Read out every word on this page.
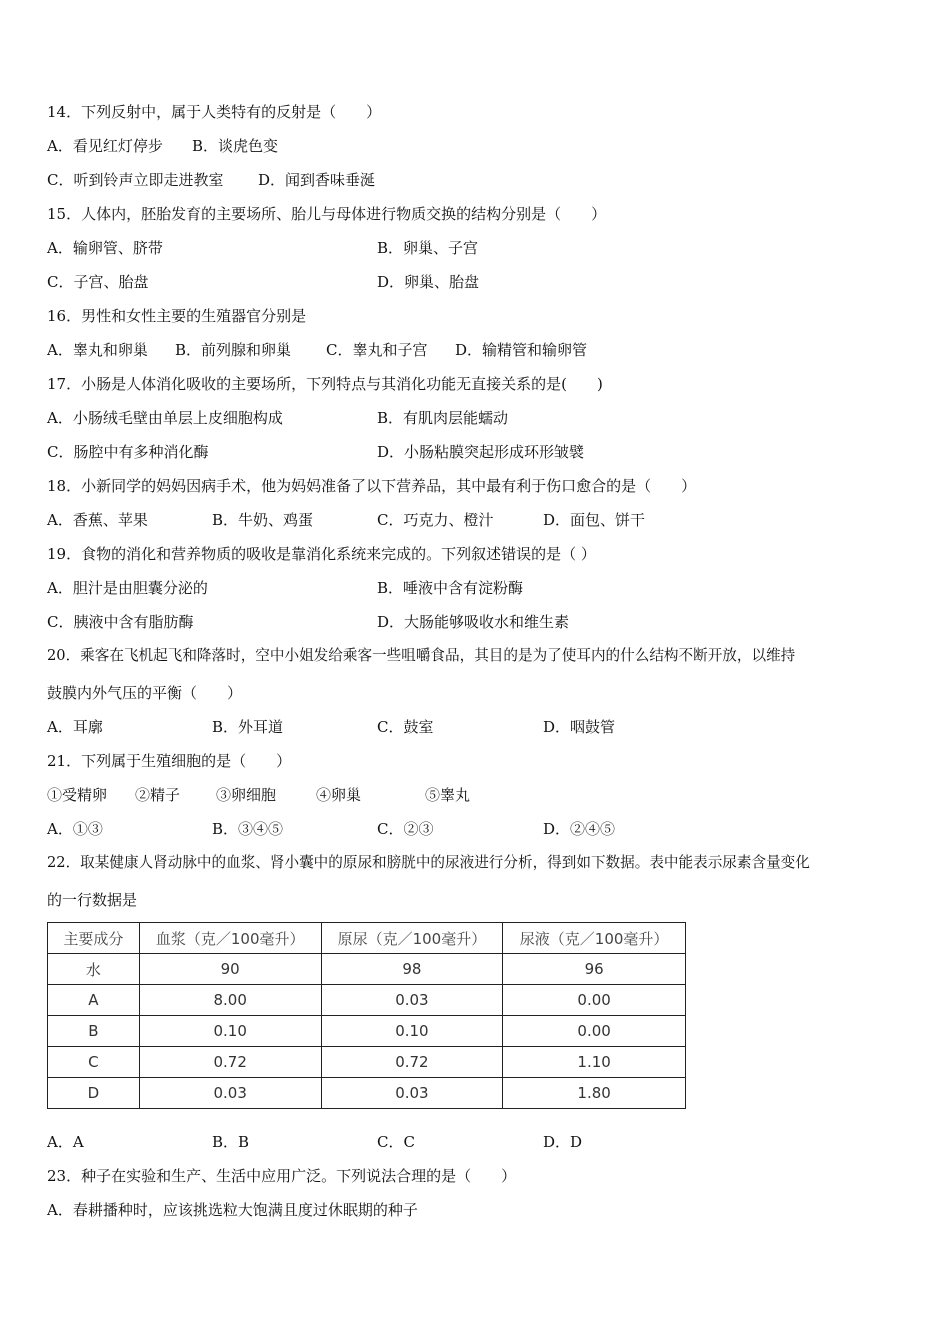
14．下列反射中，属于人类特有的反射是（　　）
A．看见红灯停步 B．谈虎色变
C．听到铃声立即走进教室 D．闻到香味垂涎
15．人体内，胚胎发育的主要场所、胎儿与母体进行物质交换的结构分别是（　　）
A．输卵管、脐带	B．卵巢、子宫
C．子宫、胎盘	D．卵巢、胎盘
16．男性和女性主要的生殖器官分别是
A．睾丸和卵巢 B．前列腺和卵巢 C．睾丸和子宫 D．输精管和输卵管
17．小肠是人体消化吸收的主要场所，下列特点与其消化功能无直接关系的是(　　)
A．小肠绒毛壁由单层上皮细胞构成	B．有肌肉层能蠕动
C．肠腔中有多种消化酶	D．小肠粘膜突起形成环形皱襞
18．小新同学的妈妈因病手术，他为妈妈准备了以下营养品，其中最有利于伤口愈合的是（　　）
A．香蕉、苹果	B．牛奶、鸡蛋	C．巧克力、橙汁	D．面包、饼干
19．食物的消化和营养物质的吸收是靠消化系统来完成的。下列叙述错误的是（ ）
A．胆汁是由胆囊分泌的	B．唾液中含有淀粉酶
C．胰液中含有脂肪酶	D．大肠能够吸收水和维生素
20．乘客在飞机起飞和降落时，空中小姐发给乘客一些咀嚼食品，其目的是为了使耳内的什么结构不断开放，以维持
鼓膜内外气压的平衡（　　）
A．耳廓	B．外耳道	C．鼓室	D．咽鼓管
21．下列属于生殖细胞的是（　　）
①受精卵 ②精子 ③卵细胞	④卵巢	⑤睾丸
A．①③	B．③④⑤	C．②③	D．②④⑤
22．取某健康人肾动脉中的血浆、肾小囊中的原尿和膀胱中的尿液进行分析，得到如下数据。表中能表示尿素含量变化
的一行数据是
主要成分	血浆（克／100毫升）	原尿（克／100毫升）	尿液（克／100毫升）
水	90	98	96
A	8.00	0.03	0.00
B	0.10	0.10	0.00
C	0.72	0.72	1.10
D	0.03	0.03	1.80
A．A	B．B	C．C	D．D
23．种子在实验和生产、生活中应用广泛。下列说法合理的是（　　）
A．春耕播种时，应该挑选粒大饱满且度过休眠期的种子
